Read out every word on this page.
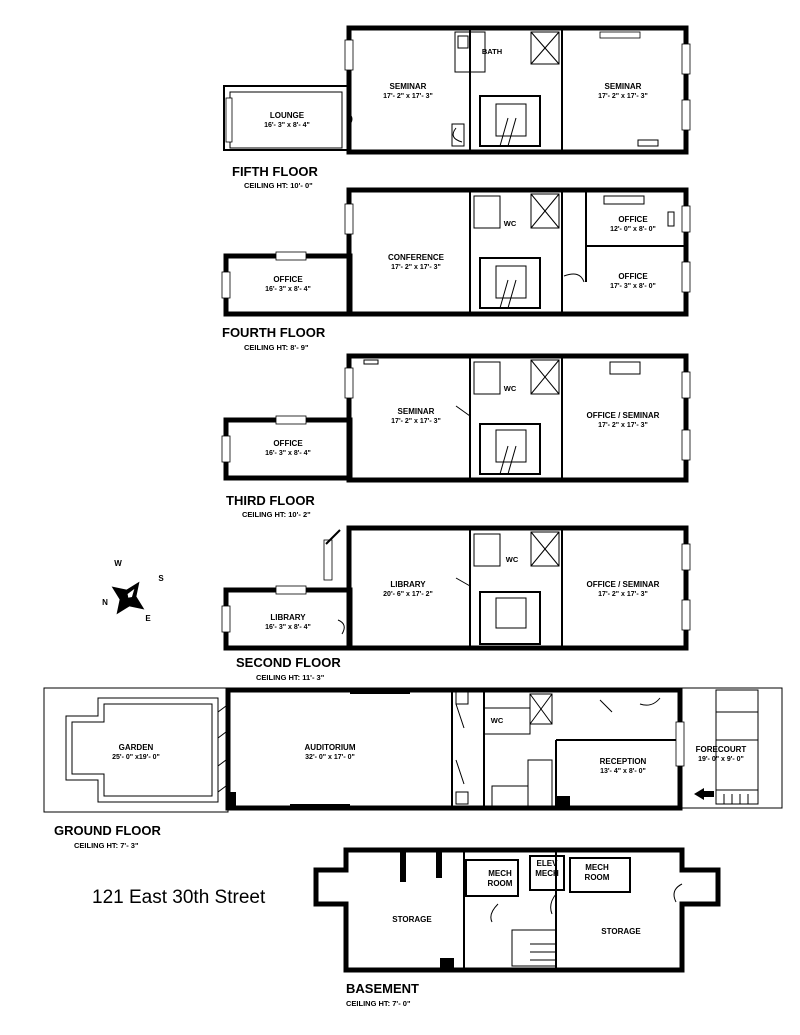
LOUNGE
16'- 3" x 8'- 4"
SEMINAR
17'- 2" x 17'- 3"
SEMINAR
17'- 2" x 17'- 3"
BATH
FIFTH FLOOR
CEILING HT: 10'- 0"
OFFICE
16'- 3" x 8'- 4"
CONFERENCE
17'- 2" x 17'- 3"
OFFICE
12'- 0" x 8'- 0"
OFFICE
17'- 3" x 8'- 0"
WC
FOURTH FLOOR
CEILING HT: 8'- 9"
OFFICE
16'- 3" x 8'- 4"
SEMINAR
17'- 2" x 17'- 3"
OFFICE / SEMINAR
17'- 2" x 17'- 3"
WC
THIRD FLOOR
CEILING HT: 10'- 2"
LIBRARY
16'- 3" x 8'- 4"
LIBRARY
20'- 6" x 17'- 2"
OFFICE / SEMINAR
17'- 2" x 17'- 3"
WC
SECOND FLOOR
CEILING HT: 11'- 3"
W
S
N
E
GARDEN
25'- 0" x19'- 0"
AUDITORIUM
32'- 0" x 17'- 0"	RECEPTION
13'- 4" x 8'- 0"
FORECOURT
19'- 0" x 9'- 0"
WC
GROUND FLOOR
CEILING HT: 7'- 3"
STORAGE
STORAGE
MECH
ROOM
ELEV
MECH
MECH
ROOM
BASEMENT
CEILING HT: 7'- 0"
121 East 30th Street
